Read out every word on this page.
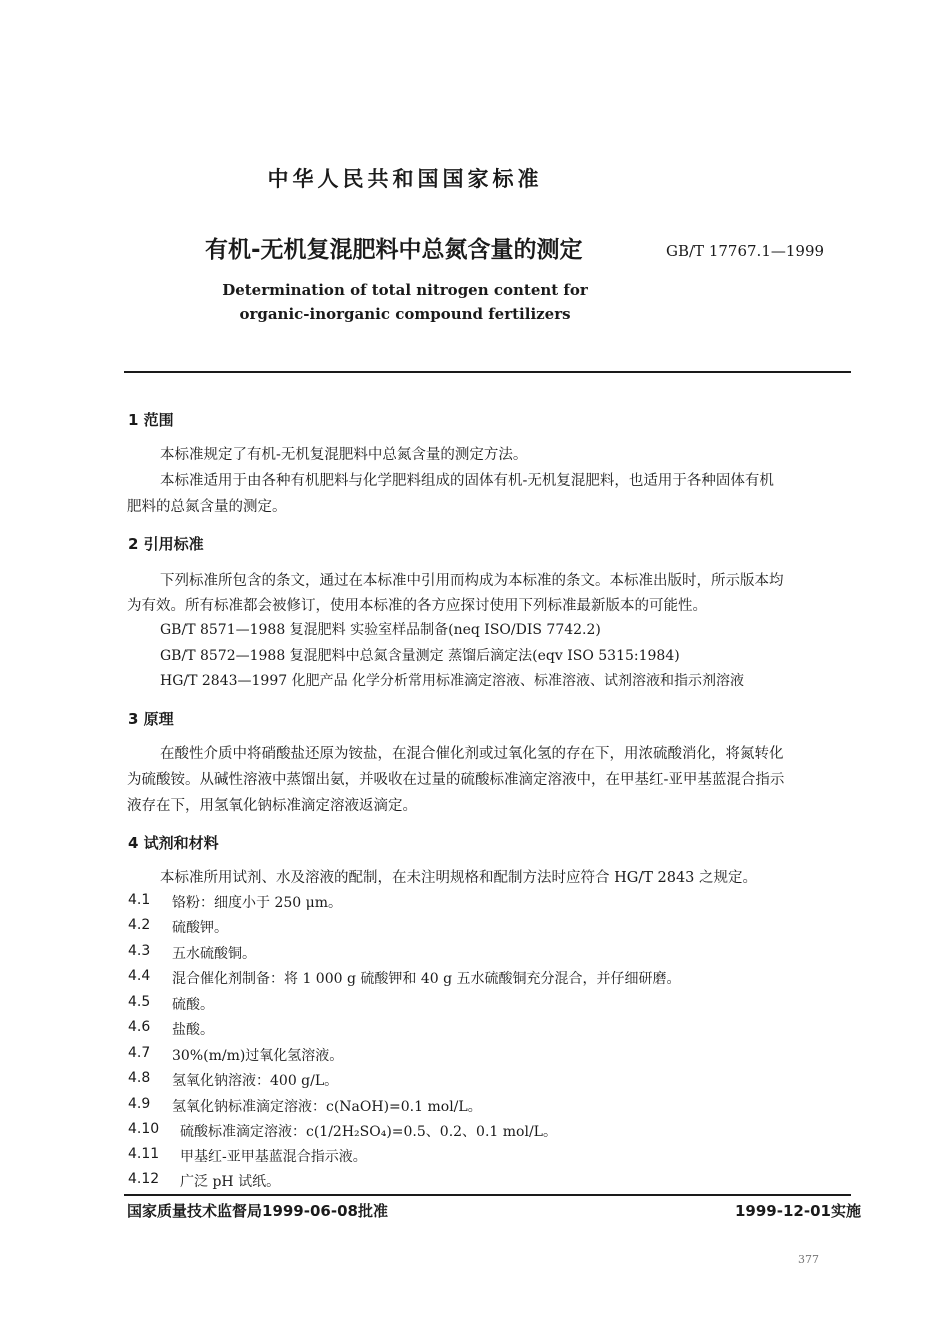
中华人民共和国国家标准
有机-无机复混肥料中总氮含量的测定	GB/T 17767.1—1999
Determination of total nitrogen content for
organic-inorganic compound fertilizers
1 范围
本标准规定了有机-无机复混肥料中总氮含量的测定方法。
本标准适用于由各种有机肥料与化学肥料组成的固体有机-无机复混肥料，也适用于各种固体有机
肥料的总氮含量的测定。
2 引用标准
下列标准所包含的条文，通过在本标准中引用而构成为本标准的条文。本标准出版时，所示版本均
为有效。所有标准都会被修订，使用本标准的各方应探讨使用下列标准最新版本的可能性。
GB/T 8571—1988 复混肥料 实验室样品制备(neq ISO/DIS 7742.2)
GB/T 8572—1988 复混肥料中总氮含量测定 蒸馏后滴定法(eqv ISO 5315:1984)
HG/T 2843—1997 化肥产品 化学分析常用标准滴定溶液、标准溶液、试剂溶液和指示剂溶液
3 原理
在酸性介质中将硝酸盐还原为铵盐，在混合催化剂或过氧化氢的存在下，用浓硫酸消化，将氮转化
为硫酸铵。从碱性溶液中蒸馏出氨，并吸收在过量的硫酸标准滴定溶液中，在甲基红-亚甲基蓝混合指示
液存在下，用氢氧化钠标准滴定溶液返滴定。
4 试剂和材料
本标准所用试剂、水及溶液的配制，在未注明规格和配制方法时应符合 HG/T 2843 之规定。
4.1 铬粉：细度小于 250 μm。
4.2 硫酸钾。
4.3 五水硫酸铜。
4.4 混合催化剂制备：将 1 000 g 硫酸钾和 40 g 五水硫酸铜充分混合，并仔细研磨。
4.5 硫酸。
4.6 盐酸。
4.7 30%(m/m)过氧化氢溶液。
4.8 氢氧化钠溶液：400 g/L。
4.9 氢氧化钠标准滴定溶液：c(NaOH)=0.1 mol/L。
4.10 硫酸标准滴定溶液：c(1/2H₂SO₄)=0.5、0.2、0.1 mol/L。
4.11 甲基红-亚甲基蓝混合指示液。
4.12 广泛 pH 试纸。
国家质量技术监督局1999-06-08批准	1999-12-01实施
377
